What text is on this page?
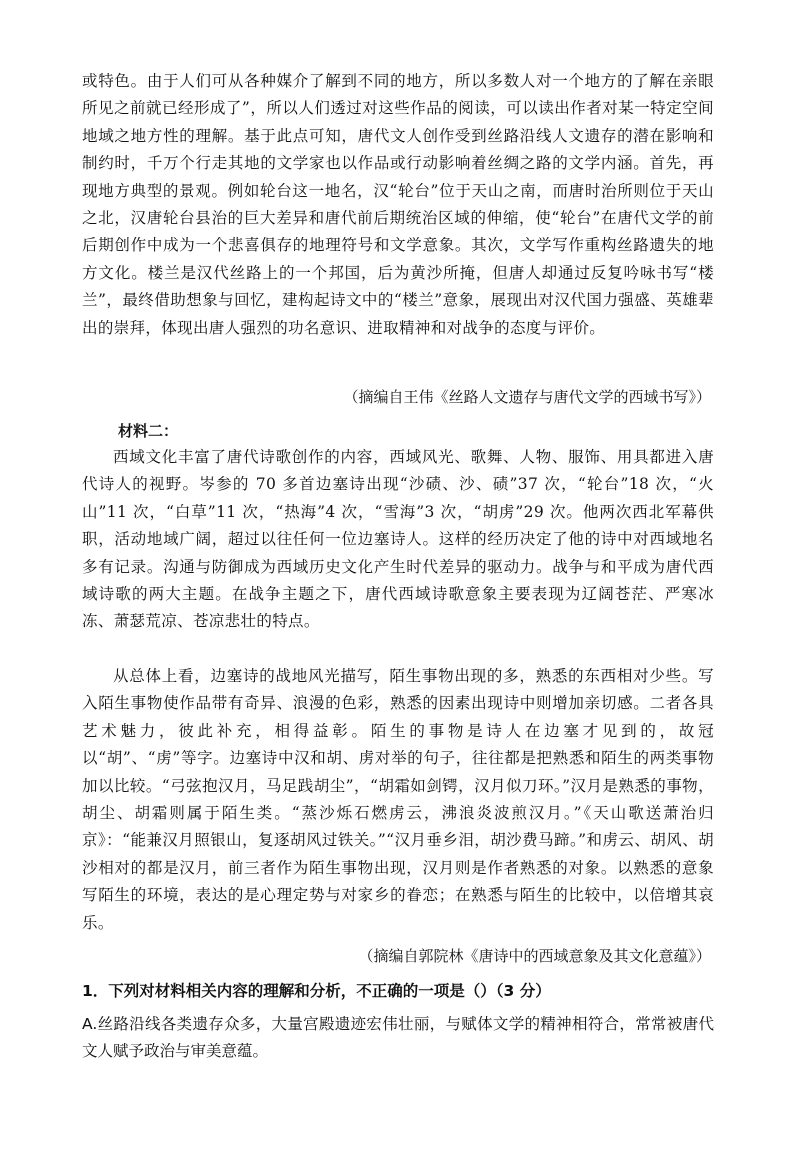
或特色。由于人们可从各种媒介了解到不同的地方，所以多数人对一个地方的了解在亲眼所见之前就已经形成了”，所以人们透过对这些作品的阅读，可以读出作者对某一特定空间地域之地方性的理解。基于此点可知，唐代文人创作受到丝路沿线人文遗存的潜在影响和制约时，千万个行走其地的文学家也以作品或行动影响着丝绸之路的文学内涵。首先，再现地方典型的景观。例如轮台这一地名，汉“轮台”位于天山之南，而唐时治所则位于天山之北，汉唐轮台县治的巨大差异和唐代前后期统治区域的伸缩，使“轮台”在唐代文学的前后期创作中成为一个悲喜俱存的地理符号和文学意象。其次，文学写作重构丝路遗失的地方文化。楼兰是汉代丝路上的一个邦国，后为黄沙所掩，但唐人却通过反复吟咏书写“楼兰”，最终借助想象与回忆，建构起诗文中的“楼兰”意象，展现出对汉代国力强盛、英雄辈出的崇拜，体现出唐人强烈的功名意识、进取精神和对战争的态度与评价。

（摘编自王伟《丝路人文遗存与唐代文学的西域书写》）

材料二：

西域文化丰富了唐代诗歌创作的内容，西域风光、歌舞、人物、服饰、用具都进入唐代诗人的视野。岑参的 70 多首边塞诗出现“沙碛、沙、碛”37 次，“轮台”18 次，“火山”11 次，“白草”11 次，“热海”4 次，“雪海”3 次，“胡虏”29 次。他两次西北军幕供职，活动地域广阔，超过以往任何一位边塞诗人。这样的经历决定了他的诗中对西域地名多有记录。沟通与防御成为西域历史文化产生时代差异的驱动力。战争与和平成为唐代西域诗歌的两大主题。在战争主题之下，唐代西域诗歌意象主要表现为辽阔苍茫、严寒冰冻、萧瑟荒凉、苍凉悲壮的特点。

从总体上看，边塞诗的战地风光描写，陌生事物出现的多，熟悉的东西相对少些。写入陌生事物使作品带有奇异、浪漫的色彩，熟悉的因素出现诗中则增加亲切感。二者各具艺术魅力，彼此补充，相得益彰。陌生的事物是诗人在边塞才见到的，故冠以“胡”、“虏”等字。边塞诗中汉和胡、虏对举的句子，往往都是把熟悉和陌生的两类事物加以比较。“弓弦抱汉月，马足践胡尘”，“胡霜如剑锷，汉月似刀环。”汉月是熟悉的事物，胡尘、胡霜则属于陌生类。“蒸沙烁石燃虏云，沸浪炎波煎汉月。”《天山歌送萧治归京》：“能兼汉月照银山，复逐胡风过铁关。”“汉月垂乡泪，胡沙费马蹄。”和虏云、胡风、胡沙相对的都是汉月，前三者作为陌生事物出现，汉月则是作者熟悉的对象。以熟悉的意象写陌生的环境，表达的是心理定势与对家乡的眷恋；在熟悉与陌生的比较中，以倍增其哀乐。

（摘编自郭院林《唐诗中的西域意象及其文化意蕴》）

1．下列对材料相关内容的理解和分析，不正确的一项是（）（3 分）

A.丝路沿线各类遗存众多，大量宫殿遗迹宏伟壮丽，与赋体文学的精神相符合，常常被唐代文人赋予政治与审美意蕴。
